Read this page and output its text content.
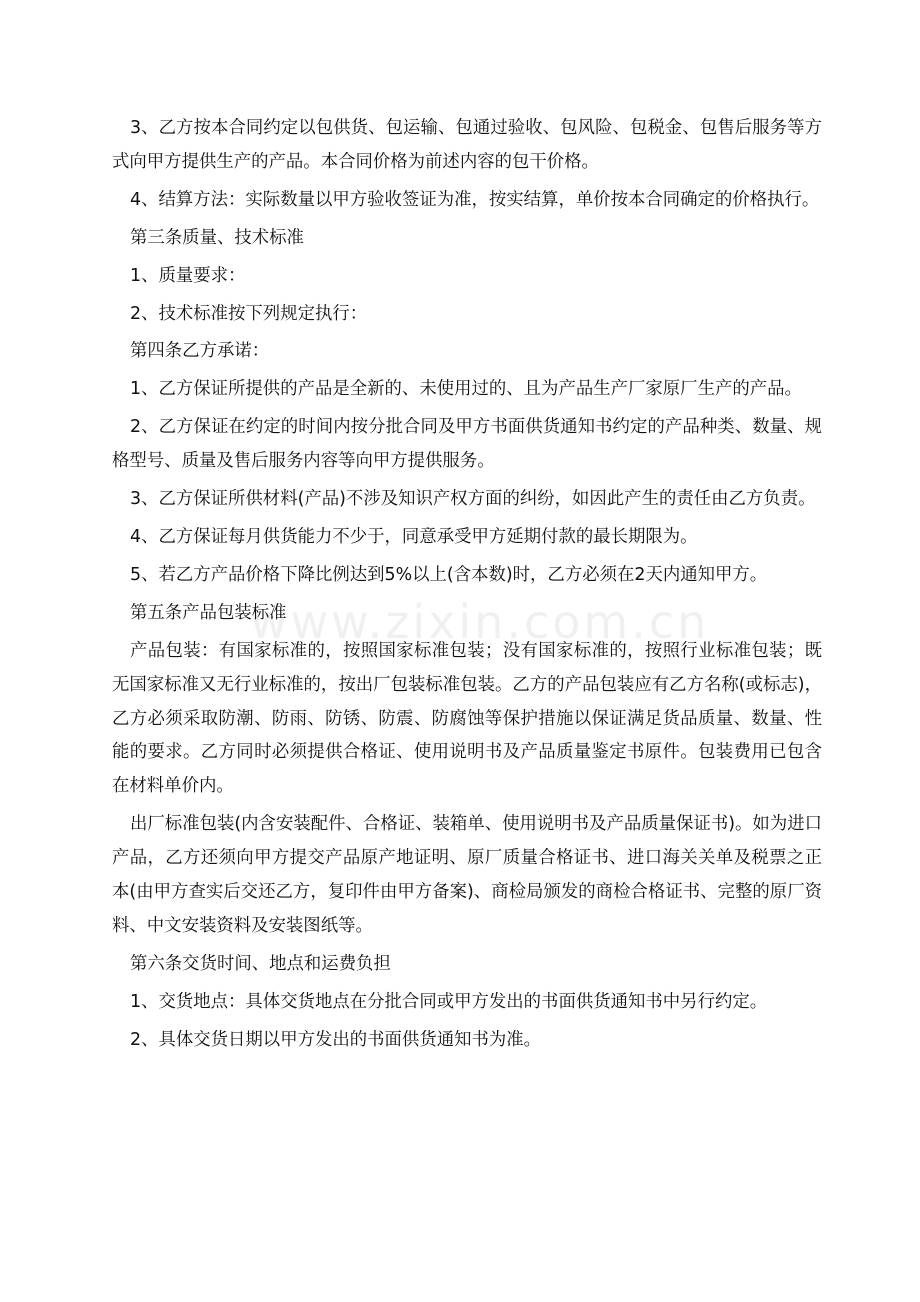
www.zixin.com.cn

3、乙方按本合同约定以包供货、包运输、包通过验收、包风险、包税金、包售后服务等方式向甲方提供生产的产品。本合同价格为前述内容的包干价格。

4、结算方法：实际数量以甲方验收签证为准，按实结算，单价按本合同确定的价格执行。

第三条质量、技术标准

1、质量要求：

2、技术标准按下列规定执行：

第四条乙方承诺：

1、乙方保证所提供的产品是全新的、未使用过的、且为产品生产厂家原厂生产的产品。

2、乙方保证在约定的时间内按分批合同及甲方书面供货通知书约定的产品种类、数量、规格型号、质量及售后服务内容等向甲方提供服务。

3、乙方保证所供材料(产品)不涉及知识产权方面的纠纷，如因此产生的责任由乙方负责。

4、乙方保证每月供货能力不少于，同意承受甲方延期付款的最长期限为。

5、若乙方产品价格下降比例达到5%以上(含本数)时，乙方必须在2天内通知甲方。

第五条产品包装标准

产品包装：有国家标准的，按照国家标准包装；没有国家标准的，按照行业标准包装；既无国家标准又无行业标准的，按出厂包装标准包装。乙方的产品包装应有乙方名称(或标志)，乙方必须采取防潮、防雨、防锈、防震、防腐蚀等保护措施以保证满足货品质量、数量、性能的要求。乙方同时必须提供合格证、使用说明书及产品质量鉴定书原件。包装费用已包含在材料单价内。

出厂标准包装(内含安装配件、合格证、装箱单、使用说明书及产品质量保证书)。如为进口产品，乙方还须向甲方提交产品原产地证明、原厂质量合格证书、进口海关关单及税票之正本(由甲方查实后交还乙方，复印件由甲方备案)、商检局颁发的商检合格证书、完整的原厂资料、中文安装资料及安装图纸等。

第六条交货时间、地点和运费负担

1、交货地点：具体交货地点在分批合同或甲方发出的书面供货通知书中另行约定。

2、具体交货日期以甲方发出的书面供货通知书为准。
